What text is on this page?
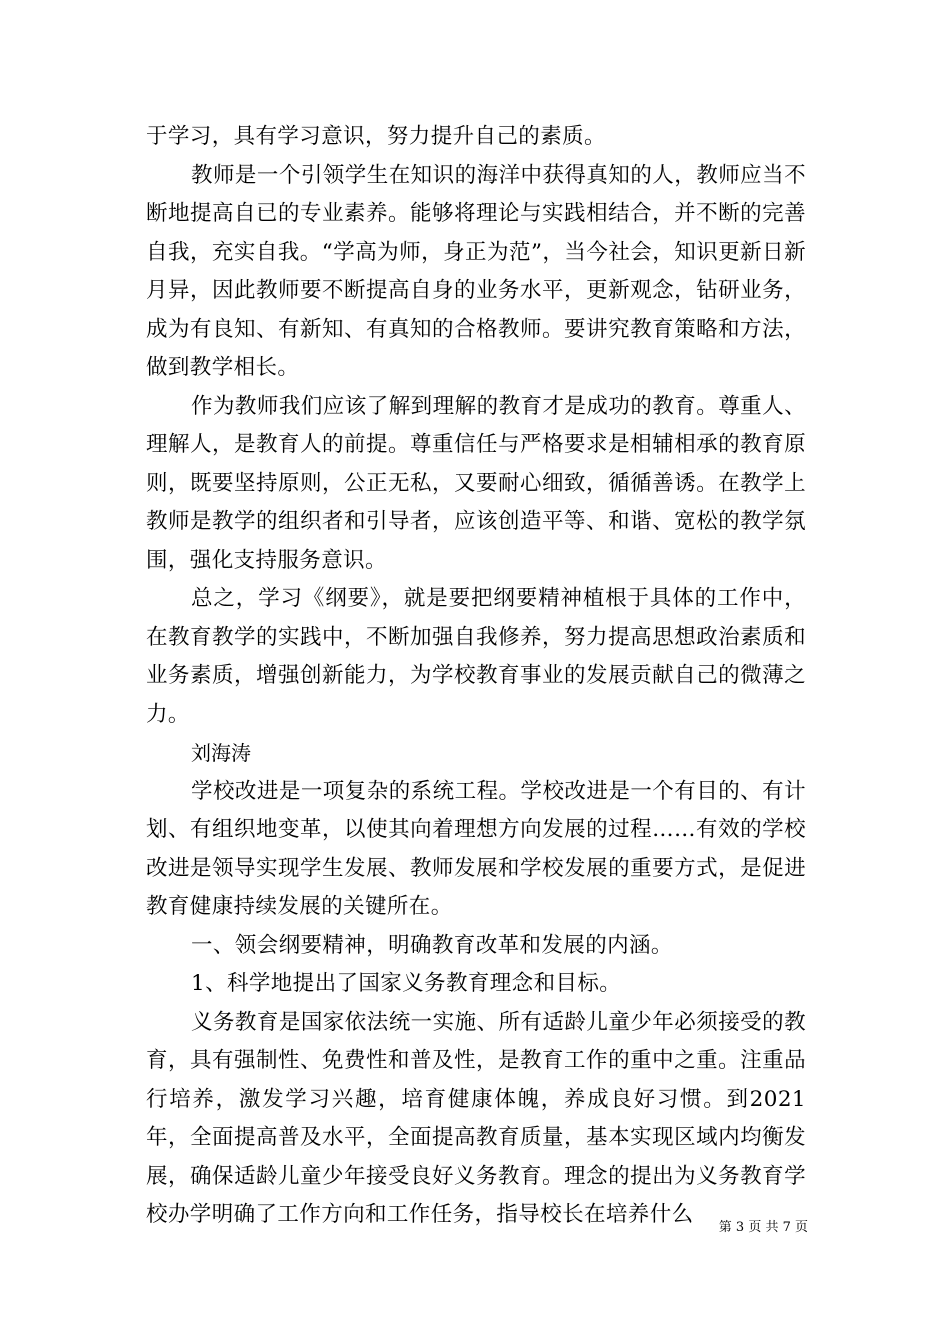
于学习，具有学习意识，努力提升自己的素质。

教师是一个引领学生在知识的海洋中获得真知的人，教师应当不断地提高自已的专业素养。能够将理论与实践相结合，并不断的完善自我，充实自我。“学高为师，身正为范”，当今社会，知识更新日新月异，因此教师要不断提高自身的业务水平，更新观念，钻研业务，成为有良知、有新知、有真知的合格教师。要讲究教育策略和方法，做到教学相长。

作为教师我们应该了解到理解的教育才是成功的教育。尊重人、理解人，是教育人的前提。尊重信任与严格要求是相辅相承的教育原则，既要坚持原则，公正无私，又要耐心细致，循循善诱。在教学上教师是教学的组织者和引导者，应该创造平等、和谐、宽松的教学氛围，强化支持服务意识。

总之，学习《纲要》，就是要把纲要精神植根于具体的工作中，在教育教学的实践中，不断加强自我修养，努力提高思想政治素质和业务素质，增强创新能力，为学校教育事业的发展贡献自己的微薄之力。

刘海涛

学校改进是一项复杂的系统工程。学校改进是一个有目的、有计划、有组织地变革，以使其向着理想方向发展的过程……有效的学校改进是领导实现学生发展、教师发展和学校发展的重要方式，是促进教育健康持续发展的关键所在。

一、领会纲要精神，明确教育改革和发展的内涵。

1、科学地提出了国家义务教育理念和目标。

义务教育是国家依法统一实施、所有适龄儿童少年必须接受的教育，具有强制性、免费性和普及性，是教育工作的重中之重。注重品行培养，激发学习兴趣，培育健康体魄，养成良好习惯。到2021年，全面提高普及水平，全面提高教育质量，基本实现区域内均衡发展，确保适龄儿童少年接受良好义务教育。理念的提出为义务教育学校办学明确了工作方向和工作任务，指导校长在培养什么

第 3 页 共 7 页
